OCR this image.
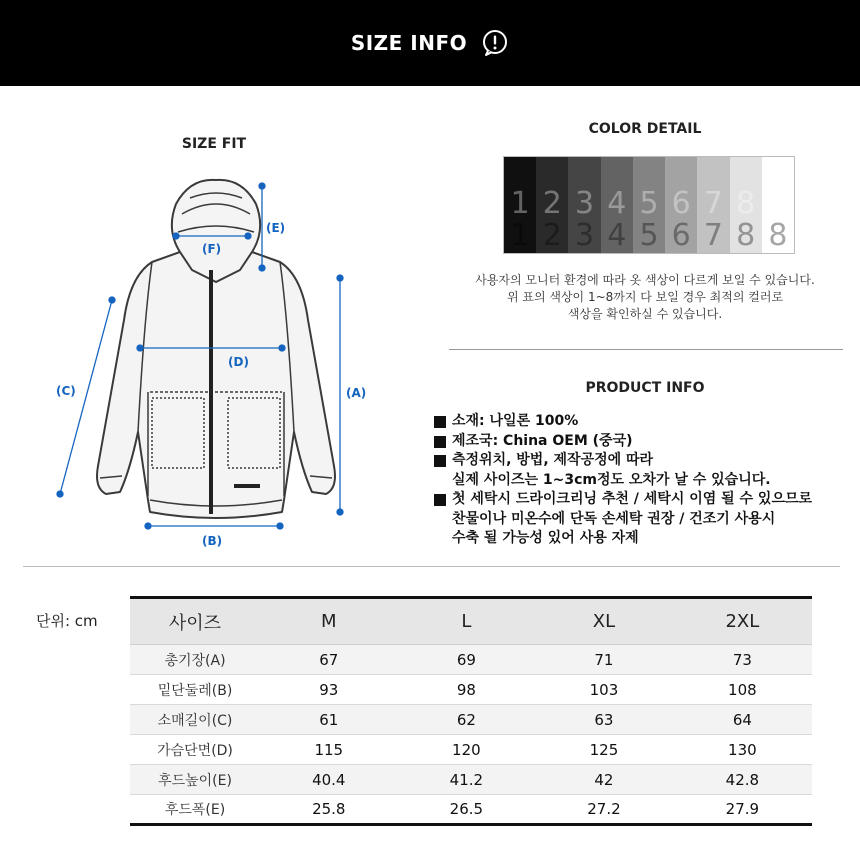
SIZE INFO
SIZE FIT
(A)
(B)
(C)
(D)
(E)
(F)
COLOR DETAIL
1
1
2
2
3
3
4
4
5
5
6
6
7
7
8
8 8
사용자의 모니터 환경에 따라 옷 색상이 다르게 보일 수 있습니다.
위 표의 색상이 1~8까지 다 보일 경우 최적의 컬러로
색상을 확인하실 수 있습니다.
PRODUCT INFO
소재: 나일론 100%
제조국: China OEM (중국)
측정위치, 방법, 제작공정에 따라
실제 사이즈는 1~3cm정도 오차가 날 수 있습니다.
첫 세탁시 드라이크리닝 추천 / 세탁시 이염 될 수 있으므로
찬물이나 미온수에 단독 손세탁 권장 / 건조기 사용시
수축 될 가능성 있어 사용 자제
단위: cm	사이즈	M	L	XL	2XL
총기장(A)	67	69	71	73
밑단둘레(B)	93	98	103	108
소매길이(C)	61	62	63	64
가슴단면(D)	115	120	125	130
후드높이(E)	40.4	41.2	42	42.8
후드폭(E)	25.8	26.5	27.2	27.9
